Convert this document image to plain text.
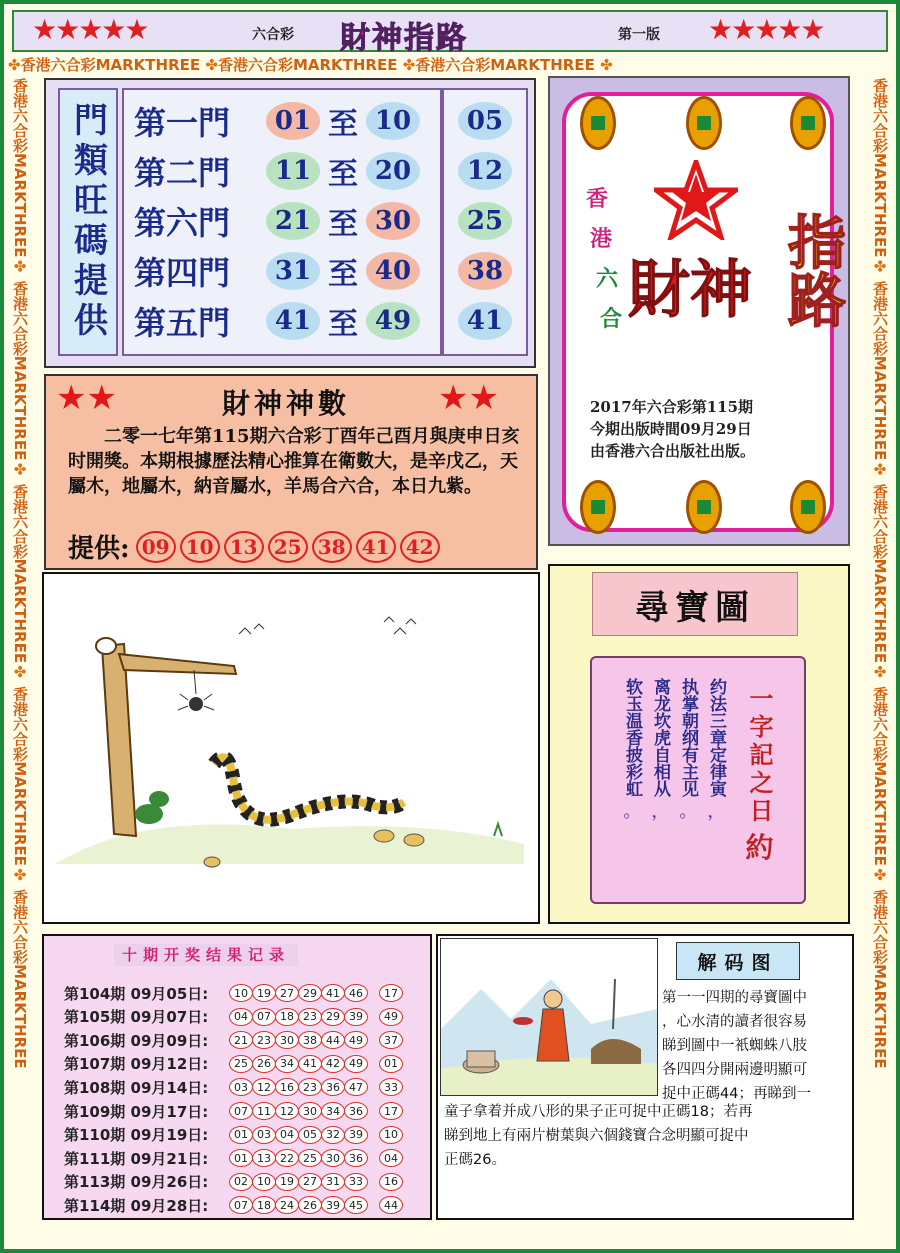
★★★★★	六合彩 財神指路	第一版 ★★★★★
✤香港六合彩MARKTHREE ✤香港六合彩MARKTHREE ✤香港六合彩MARKTHREE ✤
香港六合彩MARKTHREE✤ 香港六合彩MARKTHREE✤ 香港六合彩MARKTHREE✤ 香港六合彩MARKTHREE✤ 香港六合彩MARKTHREE
香港六合彩MARKTHREE✤ 香港六合彩MARKTHREE✤ 香港六合彩MARKTHREE✤ 香港六合彩MARKTHREE✤ 香港六合彩MARKTHREE
門類旺碼提供 第一門	01 至 10
第二門	11 至 20
第六門	21 至 30
第四門	31 至 40
第五門	41 至 49
05
12
25
38
41
香
港
六
合 財神 指路
2017年六合彩第115期
今期出版時間09月29日
由香港六合出版社出版。
★★	財神神數	★★
二零一七年第115期六合彩丁酉年己酉月與庚申日亥时開獎。本期根據歷法精心推算在衛數大，是辛戊乙，天屬木，地屬木，納音屬水，羊馬合六合，本日九紫。
提供: 09 10 13 25 38 41 42
尋寶圖
约法三章定律寅
，
执掌朝纲有主见
。
离龙坎虎自相从
，
软玉温香披彩虹
。	一字記之日
約
十期开奖结果记录
第104期 09月05日:	10 19 27 29 41 46	17
第105期 09月07日:	04 07 18 23 29 39	49
第106期 09月09日:	21 23 30 38 44 49	37
第107期 09月12日:	25 26 34 41 42 49	01
第108期 09月14日:	03 12 16 23 36 47	33
第109期 09月17日:	07 11 12 30 34 36	17
第110期 09月19日:	01 03 04 05 32 39	10
第111期 09月21日:	01 13 22 25 30 36	04
第113期 09月26日:	02 10 19 27 31 33	16
第114期 09月28日:	07 18 24 26 39 45	44
解码图
第一一四期的尋寶圖中
，心水清的讀者很容易
睇到圖中一衹蜘蛛八肢
各四四分開兩邊明顯可
捉中正碼44；再睇到一
童子拿着并成八形的果子正可捉中正碼18；若再
睇到地上有兩片樹葉與六個錢寶合念明顯可捉中
正碼26。
